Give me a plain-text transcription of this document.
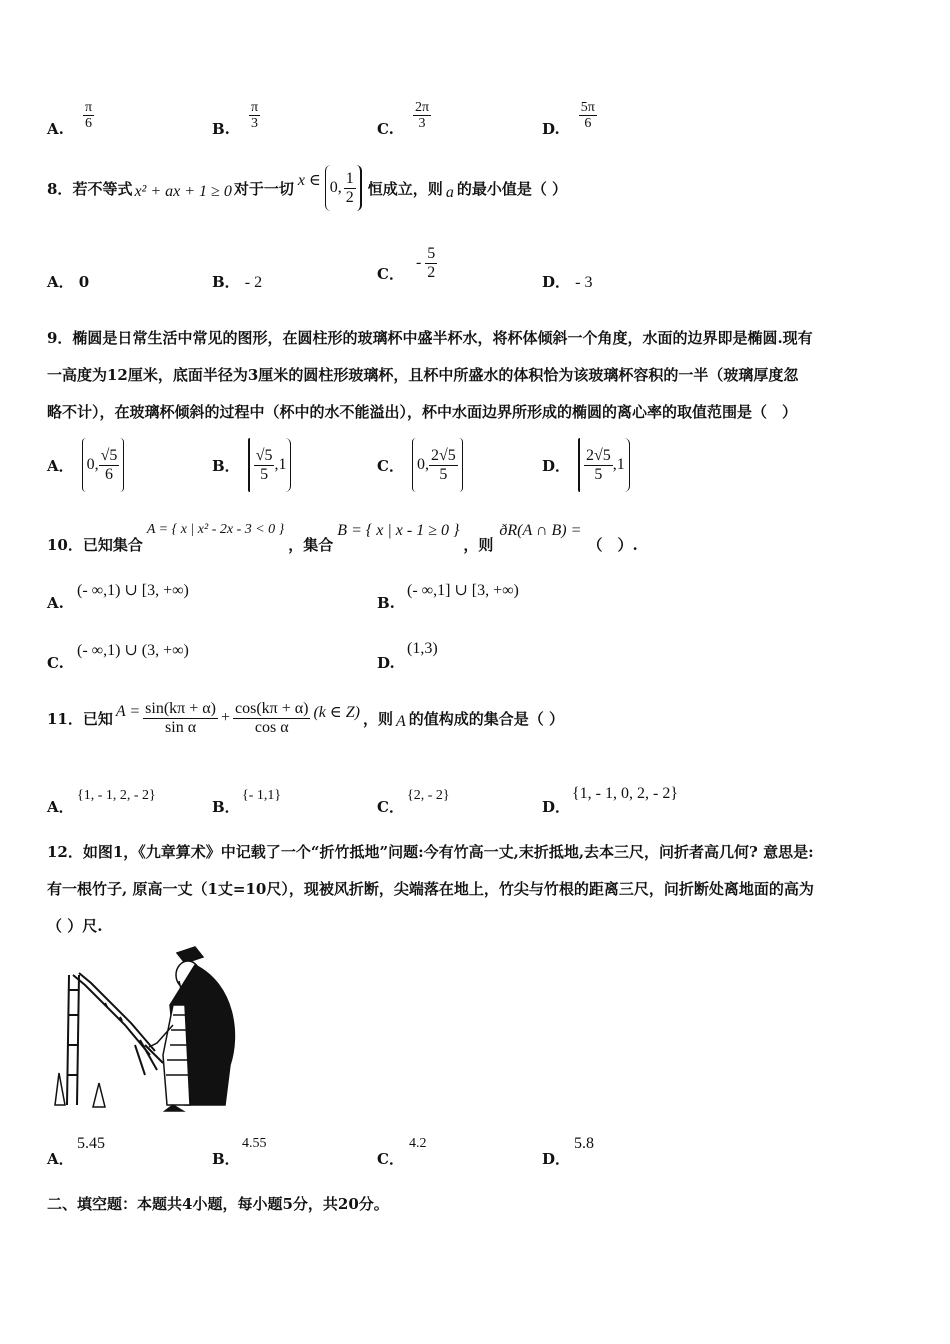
A. $\frac{\pi}{6}$	B. $\frac{\pi}{3}$	C. $\frac{2\pi}{3}$	D. $\frac{5\pi}{6}$
8． 若不等式 x² + ax + 1 ≥ 0 对于一切 x ∈ 0, $\frac{1}{2}$ 恒成立，则 a 的最小值是（ ）
A． 0	B． - 2	C．
- $\frac{5}{2}$
D． - 3
9．椭圆是日常生活中常见的图形，在圆柱形的玻璃杯中盛半杯水，将杯体倾斜一个角度，水面的边界即是椭圆.现有
一高度为12厘米，底面半径为3厘米的圆柱形玻璃杯，且杯中所盛水的体积恰为该玻璃杯容积的一半（玻璃厚度忽
略不计），在玻璃杯倾斜的过程中（杯中的水不能溢出），杯中水面边界所形成的椭圆的离心率的取值范围是（　）
A． 0, $\frac{√5}{6}$	B． $\frac{√5}{5} ,1$	C． 0, $\frac{2√5}{5}$	D． $\frac{2√5}{5} ,1$
10．已知集合
A = { x | x² - 2x - 3 < 0 }
，集合
B = { x | x - 1 ≥ 0 }
，则
ðR(A ∩ B) =
（　）.
(- ∞,1) ∪ [3, +∞)
A.
(- ∞,1] ∪ [3, +∞)
B.
(- ∞,1) ∪ (3, +∞)
C.
(1,3)
D.
11．已知 $A = \frac{\sin(k\pi + \alpha)}{\text{sin α}} + \frac{\cos(k\pi + \alpha)}{\text{cos α}} (k$ ∈ Z) ，则 A 的值构成的集合是（ ）
{1, - 1, 2, - 2}
A．
{- 1,1}
B．
{2, - 2}
C．
{1, - 1, 0, 2, - 2}
D．
12．如图1，《九章算术》中记载了一个“折竹抵地”问题:今有竹高一丈,末折抵地,去本三尺，问折者高几何? 意思是:
有一根竹子, 原高一丈（1丈=10尺），现被风折断，尖端落在地上，竹尖与竹根的距离三尺，问折断处离地面的高为
（ ）尺.
5.45
A．
4.55
B．
4.2
C．
5.8
D．
二、填空题：本题共4小题，每小题5分，共20分。
